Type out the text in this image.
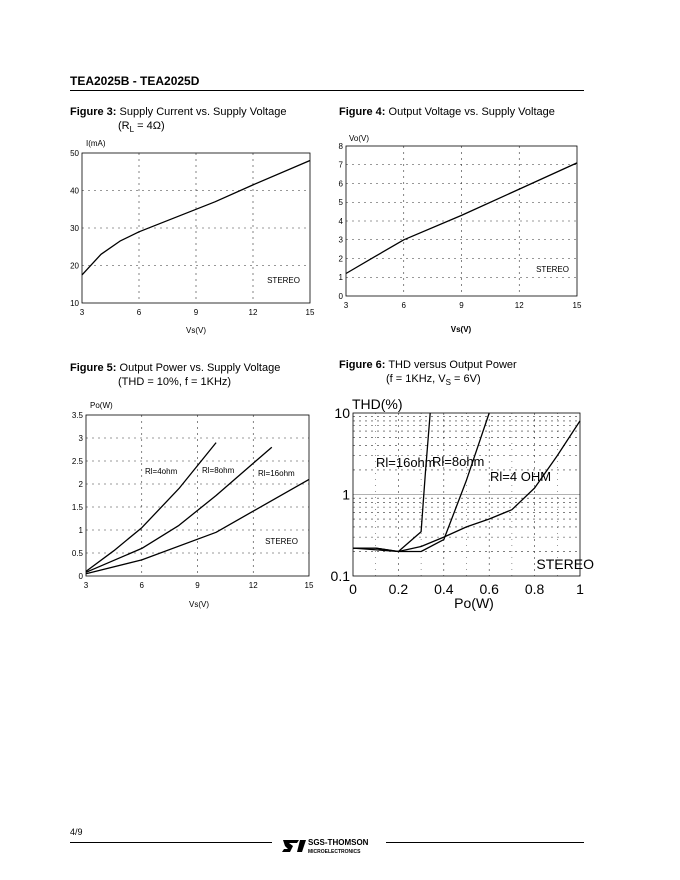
TEA2025B - TEA2025D
Figure 3: Supply Current vs. Supply Voltage
$(R_L = 4\Omega)$
Figure 4: Output Voltage vs. Supply Voltage
Figure 5: Output Power vs. Supply Voltage
(THD = 10%, f = 1KHz)
Figure 6: THD versus Output Power
(f = 1KHz, $V_S = 6V$)
3	6	9	12	15
10
20
30
40
50
I(mA)
Vs(V)
STEREO
3	6	9	12	15
0
1
2
3
4
5
6
7
8
Vo(V)
Vs(V)
STEREO
3	6	9	12	15
0
0.5
1
1.5
2
2.5
3
3.5
Po(W)
Vs(V)
Rl=4ohm	Rl=8ohm	Rl=16ohm
STEREO
0 0.2 0.4 0.6 0.8 1
0.1
1
10
THD(%)
Po(W)
Rl=16ohm
Rl=8ohm
Rl=4 OHM
STEREO
4/9
SGS-THOMSON
MICROELECTRONICS
